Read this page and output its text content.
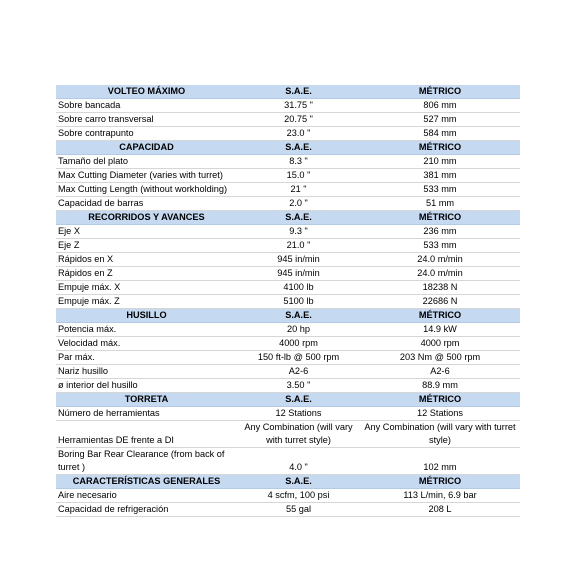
VOLTEO MÁXIMO	S.A.E.	MÉTRICO
Sobre bancada	31.75 "	806 mm
Sobre carro transversal	20.75 "	527 mm
Sobre contrapunto	23.0 "	584 mm
CAPACIDAD	S.A.E.	MÉTRICO
Tamaño del plato	8.3 "	210 mm
Max Cutting Diameter (varies with turret)	15.0 "	381 mm
Max Cutting Length (without workholding)	21 "	533 mm
Capacidad de barras	2.0 "	51 mm
RECORRIDOS Y AVANCES	S.A.E.	MÉTRICO
Eje X	9.3 "	236 mm
Eje Z	21.0 "	533 mm
Rápidos en X	945 in/min	24.0 m/min
Rápidos en Z	945 in/min	24.0 m/min
Empuje máx. X	4100 lb	18238 N
Empuje máx. Z	5100 lb	22686 N
HUSILLO	S.A.E.	MÉTRICO
Potencia máx.	20 hp	14.9 kW
Velocidad máx.	4000 rpm	4000 rpm
Par máx.	150 ft-lb @ 500 rpm	203 Nm @ 500 rpm
Nariz husillo	A2-6	A2-6
ø interior del husillo	3.50 "	88.9 mm
TORRETA	S.A.E.	MÉTRICO
Número de herramientas	12 Stations	12 Stations
Herramientas DE frente a DI	Any Combination (will vary with turret style)	Any Combination (will vary with turret style)
Boring Bar Rear Clearance (from back of turret )	4.0 "	102 mm
CARACTERÍSTICAS GENERALES	S.A.E.	MÉTRICO
Aire necesario	4 scfm, 100 psi	113 L/min, 6.9 bar
Capacidad de refrigeración	55 gal	208 L
